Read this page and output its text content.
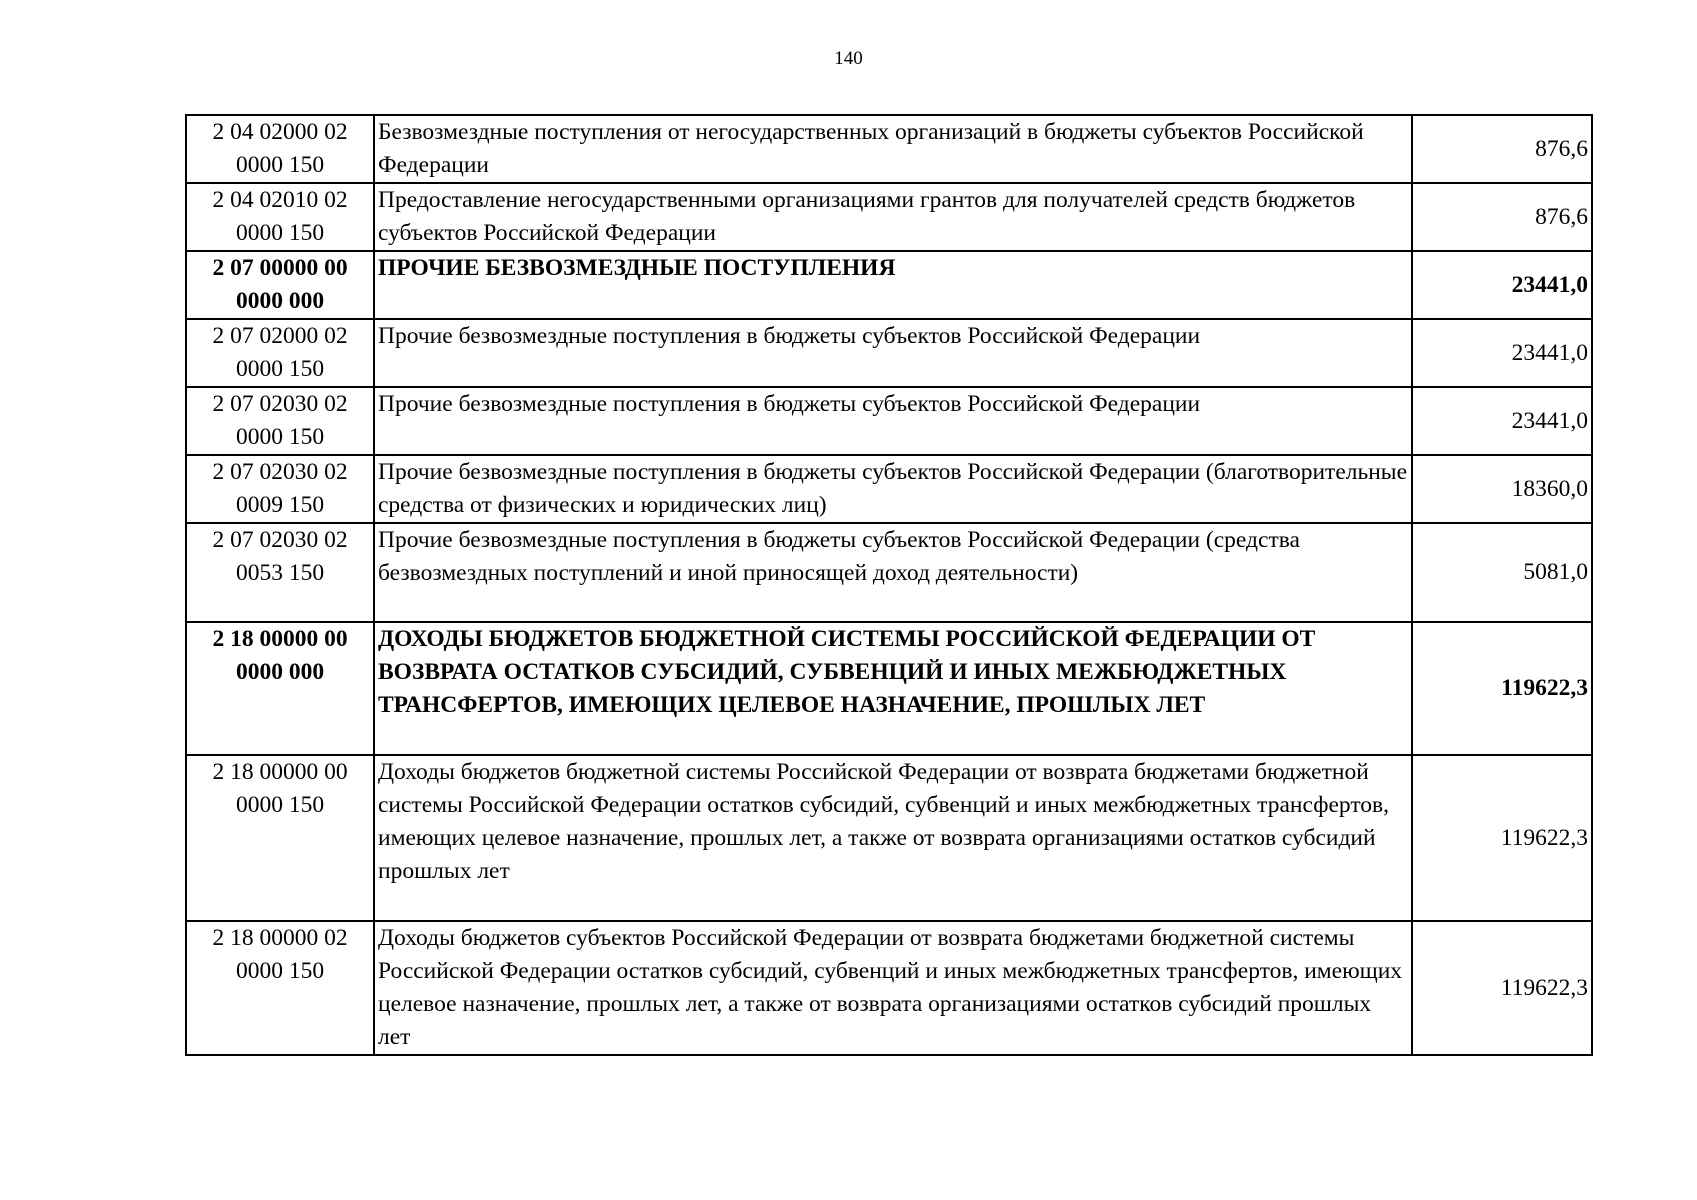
140
2 04 02000 02
0000 150	Безвозмездные поступления от негосударственных организаций в бюджеты субъектов Российской Федерации	876,6
2 04 02010 02
0000 150	Предоставление негосударственными организациями грантов для получателей средств бюджетов субъектов Российской Федерации	876,6
2 07 00000 00
0000 000	ПРОЧИЕ БЕЗВОЗМЕЗДНЫЕ ПОСТУПЛЕНИЯ	23441,0
2 07 02000 02
0000 150	Прочие безвозмездные поступления в бюджеты субъектов Российской Федерации	23441,0
2 07 02030 02
0000 150	Прочие безвозмездные поступления в бюджеты субъектов Российской Федерации	23441,0
2 07 02030 02
0009 150	Прочие безвозмездные поступления в бюджеты субъектов Российской Федерации (благотворительные средства от физических и юридических лиц)	18360,0
2 07 02030 02
0053 150	Прочие безвозмездные поступления в бюджеты субъектов Российской Федерации (средства безвозмездных поступлений и иной приносящей доход деятельности)	5081,0
2 18 00000 00
0000 000	ДОХОДЫ БЮДЖЕТОВ БЮДЖЕТНОЙ СИСТЕМЫ РОССИЙСКОЙ ФЕДЕРАЦИИ ОТ ВОЗВРАТА ОСТАТКОВ СУБСИДИЙ, СУБВЕНЦИЙ И ИНЫХ МЕЖБЮДЖЕТНЫХ ТРАНСФЕРТОВ, ИМЕЮЩИХ ЦЕЛЕВОЕ НАЗНАЧЕНИЕ, ПРОШЛЫХ ЛЕТ	119622,3
2 18 00000 00
0000 150	Доходы бюджетов бюджетной системы Российской Федерации от возврата бюджетами бюджетной системы Российской Федерации остатков субсидий, субвенций и иных межбюджетных трансфертов, имеющих целевое назначение, прошлых лет, а также от возврата организациями остатков субсидий прошлых лет	119622,3
2 18 00000 02
0000 150	Доходы бюджетов субъектов Российской Федерации от возврата бюджетами бюджетной системы Российской Федерации остатков субсидий, субвенций и иных межбюджетных трансфертов, имеющих целевое назначение, прошлых лет, а также от возврата организациями остатков субсидий прошлых лет	119622,3
